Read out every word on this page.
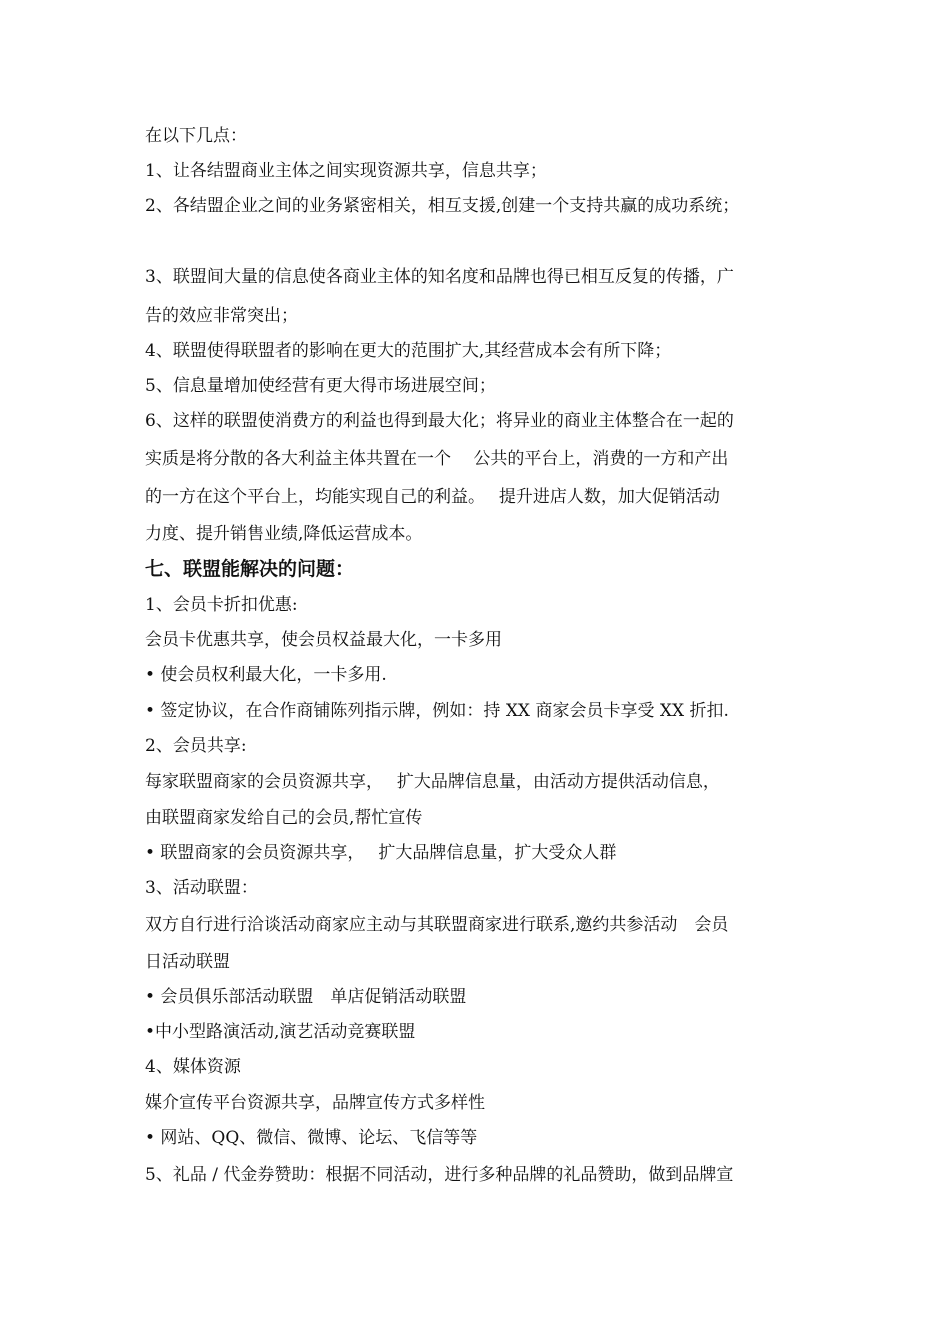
在以下几点：

1、让各结盟商业主体之间实现资源共享，信息共享；

2、各结盟企业之间的业务紧密相关，相互支援,创建一个支持共赢的成功系统；

3、联盟间大量的信息使各商业主体的知名度和品牌也得已相互反复的传播，广

告的效应非常突出；

4、联盟使得联盟者的影响在更大的范围扩大,其经营成本会有所下降；

5、信息量增加使经营有更大得市场进展空间；

6、这样的联盟使消费方的利益也得到最大化；将异业的商业主体整合在一起的

实质是将分散的各大利益主体共置在一个　 公共的平台上，消费的一方和产出

的一方在这个平台上，均能实现自己的利益。　 提升进店人数，加大促销活动

力度、提升销售业绩,降低运营成本。

七、联盟能解决的问题：

1、会员卡折扣优惠:

会员卡优惠共享，使会员权益最大化，一卡多用

• 使会员权利最大化，一卡多用.

• 签定协议，在合作商铺陈列指示牌，例如：持 XX 商家会员卡享受 XX 折扣.

2、会员共享:

每家联盟商家的会员资源共享，　 扩大品牌信息量，由活动方提供活动信息，

由联盟商家发给自己的会员,帮忙宣传

• 联盟商家的会员资源共享，　 扩大品牌信息量，扩大受众人群

3、活动联盟：

双方自行进行洽谈活动商家应主动与其联盟商家进行联系,邀约共参活动　会员

日活动联盟

• 会员俱乐部活动联盟　单店促销活动联盟

•中小型路演活动,演艺活动竞赛联盟

4、媒体资源

媒介宣传平台资源共享，品牌宣传方式多样性

• 网站、QQ、微信、微博、论坛、飞信等等

5、礼品 / 代金券赞助：根据不同活动，进行多种品牌的礼品赞助，做到品牌宣
